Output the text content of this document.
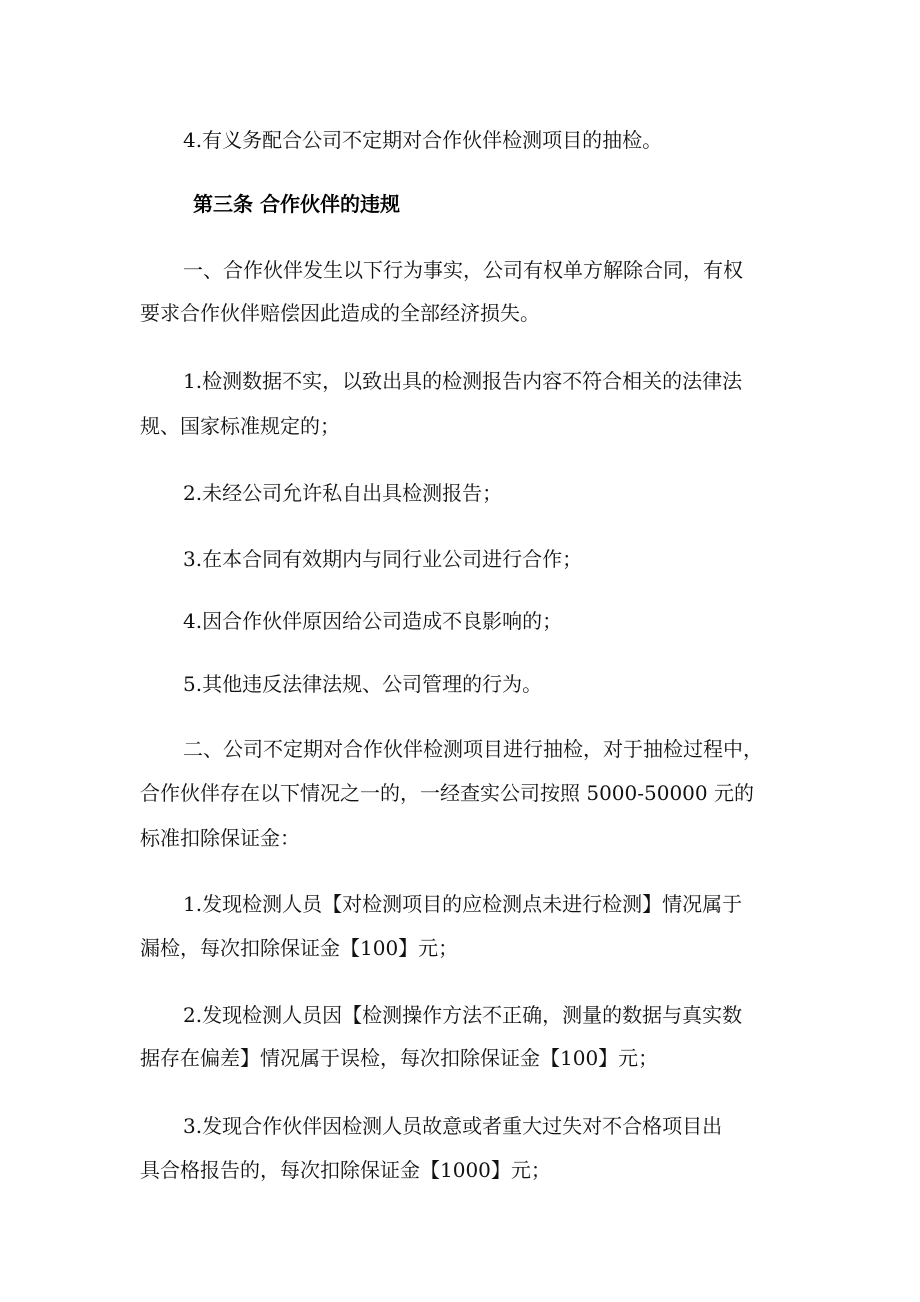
4.有义务配合公司不定期对合作伙伴检测项目的抽检。
第三条 合作伙伴的违规
一、合作伙伴发生以下行为事实，公司有权单方解除合同，有权
要求合作伙伴赔偿因此造成的全部经济损失。
1.检测数据不实，以致出具的检测报告内容不符合相关的法律法
规、国家标准规定的；
2.未经公司允许私自出具检测报告；
3.在本合同有效期内与同行业公司进行合作；
4.因合作伙伴原因给公司造成不良影响的；
5.其他违反法律法规、公司管理的行为。
二、公司不定期对合作伙伴检测项目进行抽检，对于抽检过程中，
合作伙伴存在以下情况之一的，一经查实公司按照 5000-50000 元的
标准扣除保证金：
1.发现检测人员【对检测项目的应检测点未进行检测】情况属于
漏检，每次扣除保证金【100】元；
2.发现检测人员因【检测操作方法不正确，测量的数据与真实数
据存在偏差】情况属于误检，每次扣除保证金【100】元；
3.发现合作伙伴因检测人员故意或者重大过失对不合格项目出
具合格报告的，每次扣除保证金【1000】元；
